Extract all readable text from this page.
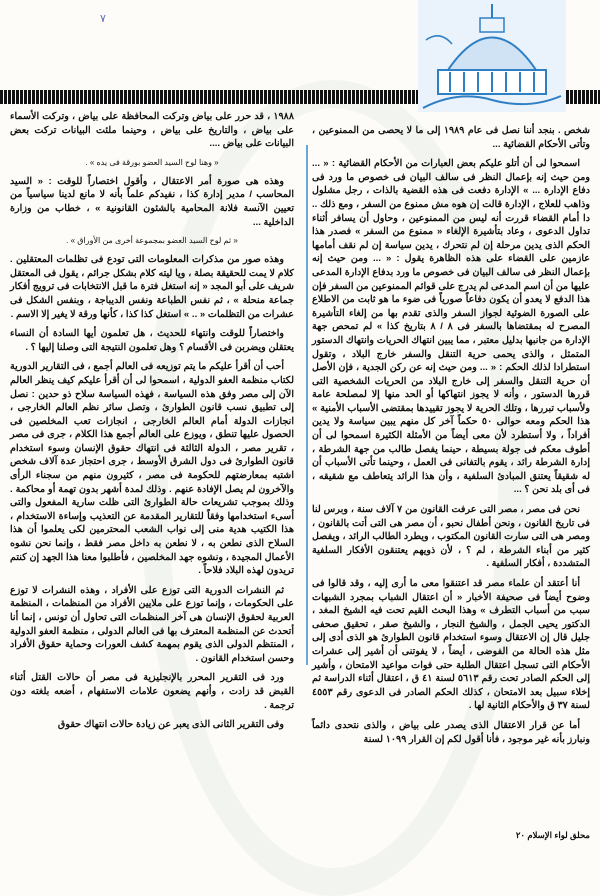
٧

شخص . بنجد أننا نصل فى عام ١٩٨٩ إلى ما لا يحصى من الممنوعين ، وتأتى الأحكام القضائية ...

اسمحوا لى أن أتلو عليكم بعض العبارات من الأحكام القضائية : « ... ومن حيث إنه بإعمال النظر فى سالف البيان فى خصوص ما ورد فى دفاع الإدارة ... » الإدارة دفعت فى هذه القضية بالذات ، رجل مشلول وذاهب للعلاج ، الإدارة قالت إن هوه مش ممنوع من السفر ، ومع ذلك .. دا أمام القضاء قررت أنه ليس من الممنوعين ، وحاول أن يسافر أثناء تداول الدعوى ، وعاد بتأشيرة الإلغاء « ممنوع من السفر » فصدر هذا الحكم الذى يدين مرحلة إن لم نتحرك ، يدين سياسة إن لم نقف أمامها عازمين على القضاء على هذه الظاهرة يقول : « ... ومن حيث إنه بإعمال النظر فى سالف البيان فى خصوص ما ورد بدفاع الإدارة المدعى عليها من أن اسم المدعى لم يدرج على قوائم الممنوعين من السفر فإن هذا الدفع لا يعدو أن يكون دفاعاً صورياً فى ضوء ما هو ثابت من الاطلاع على الصورة الضوئية لجواز السفر والذى تقدم بها من إلغاء التأشيرة المصرح له بمقتضاها بالسفر فى ٨ / ٨ بتاريخ كذا » لم تمحص جهة الإدارة من جانبها بدليل معتبر ، مما يبين انتهاك الحريات وانتهاك الدستور المتمثل ، والذى يحمى حرية التنقل والسفر خارج البلاد ، وتقول استطرادا لذلك الحكم : « ... ومن حيث إنه عن ركن الجدية ، فإن الأصل أن حرية التنقل والسفر إلى خارج البلاد من الحريات الشخصية التى قررها الدستور ، وأنه لا يجوز انتهاكها أو الحد منها إلا لمصلحة عامة ولأسباب تبررها ، وتلك الحرية لا يجوز تقييدها بمقتضى الأسباب الأمنية » هذا الحكم ومعه حوالى ٥٠ حكماً آخر كل منهم يبين سياسة ولا يدين أفراداً ، ولا أستطرد لأن معى أيضاً من الأمثلة الكثيرة اسمحوا لى أن أطوف معكم فى جولة بسيطة ، حينما يفصل طالب من جهة الشرطة ، إدارة الشرطة رائد ، يقوم بالتفانى فى العمل ، وحينما تأتى الأسباب أن له شقيقاً يعتنق المبادئ السلفية ، وأن هذا الرائد يتعاطف مع شقيقه ، فى أى بلد نحن ؟ ...

نحن فى مصر ، مصر التى عرفت القانون من ٧ آلاف سنة ، وبرس لنا فى تاريخ القانون ، ونحن أطفال نحبو ، أن مصر هى التى أتت بالقانون ، ومصر هى التى سارت القانون المكتوب ، ويطرد الطالب الرائد ، ويفصل كثير من أبناء الشرطة ، لم ؟ ، لأن ذويهم يعتنقون الأفكار السلفية المتشددة ، أفكار السلفية .

أنا أعتقد أن علماء مصر قد اعتنقوا معى ما أرى إليه ، وقد قالوا فى وضوح أيضاً فى صحيفة الأخبار « أن اعتقال الشباب بمجرد الشبهات سبب من أسباب التطرف » وهذا البحث القيم تحت فيه الشيخ المغد ، الدكتور يحيى الجمل ، والشيخ النجار ، والشيخ صقر ، تحقيق صحفى جليل قال إن الاعتقال وسوء استخدام قانون الطوارئ هو الذى أدى إلى مثل هذه الحالة من الفوضى ، أيضاً ، لا يفوتنى أن أشير إلى عشرات الأحكام التى تسجل اعتقال الطلبة حتى فوات مواعيد الامتحان ، وأشير إلى الحكم الصادر تحت رقم ٥٦١٣ لسنة ٤١ ق ، اعتقال أثناء الدراسة ثم إخلاء سبيل بعد الامتحان ، كذلك الحكم الصادر فى الدعوى رقم ٤٥٥٣ لسنة ٣٧ ق والأحكام الثانية لها .

أما عن قرار الاعتقال الذى يصدر على بياض ، والذى نتحدى دائماً ونبارز بأنه غير موجود ، فأنا أقول لكم إن القرار ١٠٩٩ لسنة

١٩٨٨ ، قد حرر على بياض وتركت المحافظة على بياض ، وتركت الأسماء على بياض ، والتاريخ على بياض ، وحينما ملئت البيانات تركت بعض البيانات على بياض ....

« وهنا لوح السيد العضو بورقة فى يده » .

وهذه هى صورة أمر الاعتقال ، وأقول اختصاراً للوقت : « السيد المحاسب / مدير إدارة كذا ، نفيدكم علماً بأنه لا مانع لدينا سياسياً من تعيين الآنسة فلانة المحامية بالشئون القانونية » ، خطاب من وزارة الداخلية ...

« ثم لوح السيد العضو بمجموعة أخرى من الأوراق » .

وهذه صور من مذكرات المعلومات التى تودع فى تظلمات المعتقلين . كلام لا يمت للحقيقة بصلة ، ويا ليته كلام بشكل جرائم ، يقول فى المعتقل شريف على أبو المجد « إنه استغل فترة ما قبل الانتخابات فى ترويج أفكار جماعة منحلة » ، ثم نفس الطباعة ونفس الديباجة ، وبنفس الشكل فى عشرات من التظلمات « .. » استغل كذا كذا ، كأنها ورقة لا يغير إلا الاسم .

واختصاراً للوقت وانتهاء للحديث ، هل تعلمون أيها السادة أن النساء يعتقلن ويضربن فى الأقسام ؟ وهل تعلمون النتيجة التى وصلنا إليها ؟ .

أحب أن أقرأ عليكم ما يتم توزيعه فى العالم أجمع ، فى التقارير الدورية لكتاب منظمة العفو الدولية ، اسمحوا لى أن أقرأ عليكم كيف ينظر العالم الآن إلى مصر وفق هذه السياسة ، فهذه السياسة سلاح ذو حدين : نصل إلى تطبيق نسب قانون الطوارئ ، وتصل سائر نظم العالم الخارجى ، انجازات الدولة أمام العالم الخارجى ، انجازات تعب المخلصين فى الحصول عليها تنطق ، ويوزع على العالم أجمع هذا الكلام ، جرى فى مصر ، تقرير مصر ، الدولة الثالثة فى انتهاك حقوق الإنسان وسوء استخدام قانون الطوارئ فى دول الشرق الأوسط ، جرى احتجاز عدة آلاف شخص اشتبه بمعارضتهم للحكومة فى مصر ، كثيرون منهم من سجناء الرأى والآخرون لم يصل الإفادة عنهم . وذلك لمدة أشهر بدون تهمة أو محاكمة . وذلك بموجب تشريعات حالة الطوارئ التى ظلت سارية المفعول والتى أسىء استخدامها وفقاً للتقارير المقدمة عن التعذيب وإساءة الاستخدام ، هذا الكتيب هدية منى إلى نواب الشعب المحترمين لكى يعلموا أن هذا السلاح الذى نطعن به ، لا نطعن به داخل مصر فقط ، وإنما نحن نشوه الأعمال المجيدة ، ونشوه جهد المخلصين ، فأطلبوا معنا هذا الجهد إن كنتم تريدون لهذه البلاد فلاحاً .

ثم النشرات الدورية التى توزع على الأفراد ، وهذه النشرات لا توزع على الحكومات ، وإنما توزع على ملايين الأفراد من المنظمات ، المنظمة العربية لحقوق الإنسان هى آخر المنظمات التى تحاول أن تونس ، إنما أنا أتحدث عن المنظمة المعترف بها فى العالم الدولى ، منظمة العفو الدولية ، المنتظم الدولى الذى يقوم بمهمة كشف العورات وحماية حقوق الأفراد وحسن استخدام القانون .

ورد فى التقرير المحرر بالإنجليزية فى مصر أن حالات القتل أثناء القبض قد زادت ، وأنهم يضعون علامات الاستفهام ، أضعه بلغته دون ترجمة .

وفى التقرير الثانى الذى يعبر عن زيادة حالات انتهاك حقوق

محلق لواء الإسلام ٢٠
